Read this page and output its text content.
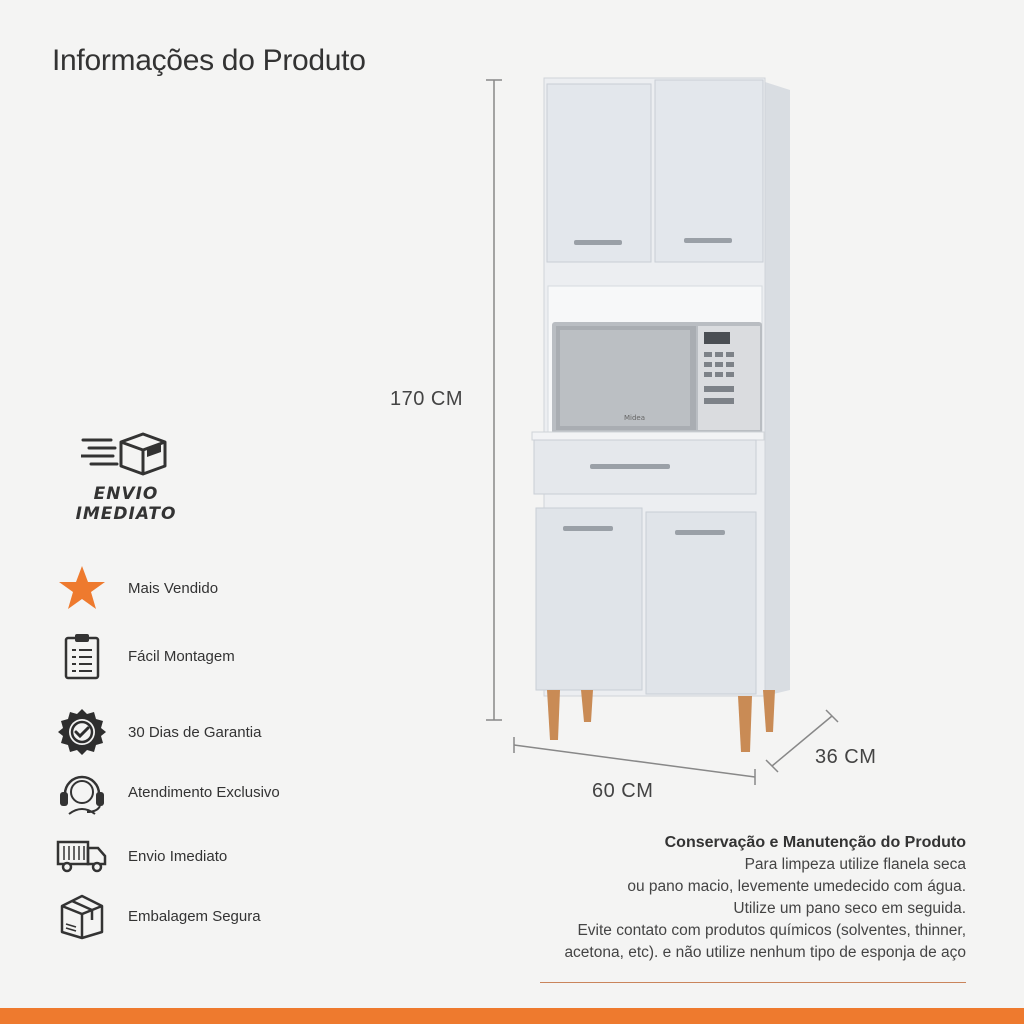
Informações do Produto
ENVIO
IMEDIATO
Mais Vendido
Fácil Montagem
30 Dias de Garantia
Atendimento Exclusivo
Envio Imediato
Embalagem Segura
Midea
170 CM
60 CM
36 CM
Conservação e Manutenção do Produto
Para limpeza utilize flanela seca
ou pano macio, levemente umedecido com água.
Utilize um pano seco em seguida.
Evite contato com produtos químicos (solventes, thinner,
acetona, etc). e não utilize nenhum tipo de esponja de aço
